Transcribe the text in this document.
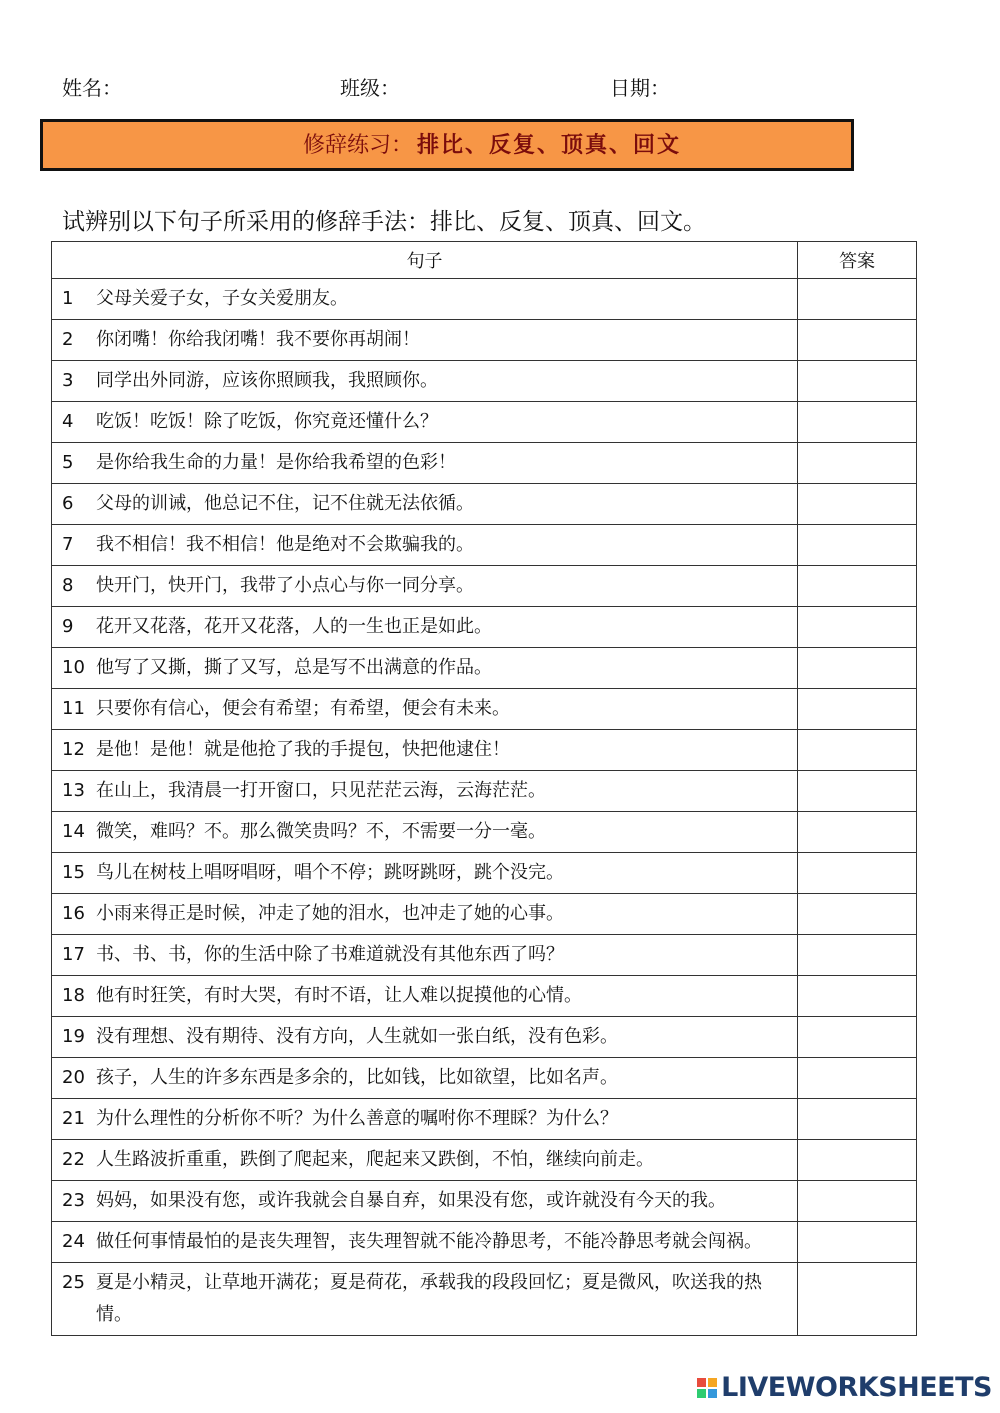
姓名：	班级：	日期：
修辞练习： 排比、反复、顶真、回文
试辨别以下句子所采用的修辞手法：排比、反复、顶真、回文。
句子	答案

1 父母关爱子女，子女关爱朋友。	

2 你闭嘴！你给我闭嘴！我不要你再胡闹！	

3 同学出外同游，应该你照顾我，我照顾你。	

4 吃饭！吃饭！除了吃饭，你究竟还懂什么？	

5 是你给我生命的力量！是你给我希望的色彩！	

6 父母的训诫，他总记不住，记不住就无法依循。	

7 我不相信！我不相信！他是绝对不会欺骗我的。	

8 快开门，快开门，我带了小点心与你一同分享。	

9 花开又花落，花开又花落，人的一生也正是如此。	

10 他写了又撕，撕了又写，总是写不出满意的作品。	

11 只要你有信心，便会有希望；有希望，便会有未来。	

12 是他！是他！就是他抢了我的手提包，快把他逮住！	

13 在山上，我清晨一打开窗口，只见茫茫云海，云海茫茫。	

14 微笑，难吗？不。那么微笑贵吗？不，不需要一分一毫。	

15 鸟儿在树枝上唱呀唱呀，唱个不停；跳呀跳呀，跳个没完。	

16 小雨来得正是时候，冲走了她的泪水，也冲走了她的心事。	

17 书、书、书，你的生活中除了书难道就没有其他东西了吗？	

18 他有时狂笑，有时大哭，有时不语，让人难以捉摸他的心情。	

19 没有理想、没有期待、没有方向，人生就如一张白纸，没有色彩。	

20 孩子，人生的许多东西是多余的，比如钱，比如欲望，比如名声。	

21 为什么理性的分析你不听？为什么善意的嘱咐你不理睬？为什么？	

22 人生路波折重重，跌倒了爬起来，爬起来又跌倒，不怕，继续向前走。	

23 妈妈，如果没有您，或许我就会自暴自弃，如果没有您，或许就没有今天的我。	

24 做任何事情最怕的是丧失理智，丧失理智就不能冷静思考，不能冷静思考就会闯祸。	

25 夏是小精灵，让草地开满花；夏是荷花，承载我的段段回忆；夏是微风，吹送我的热情。	

LIVEWORKSHEETS
